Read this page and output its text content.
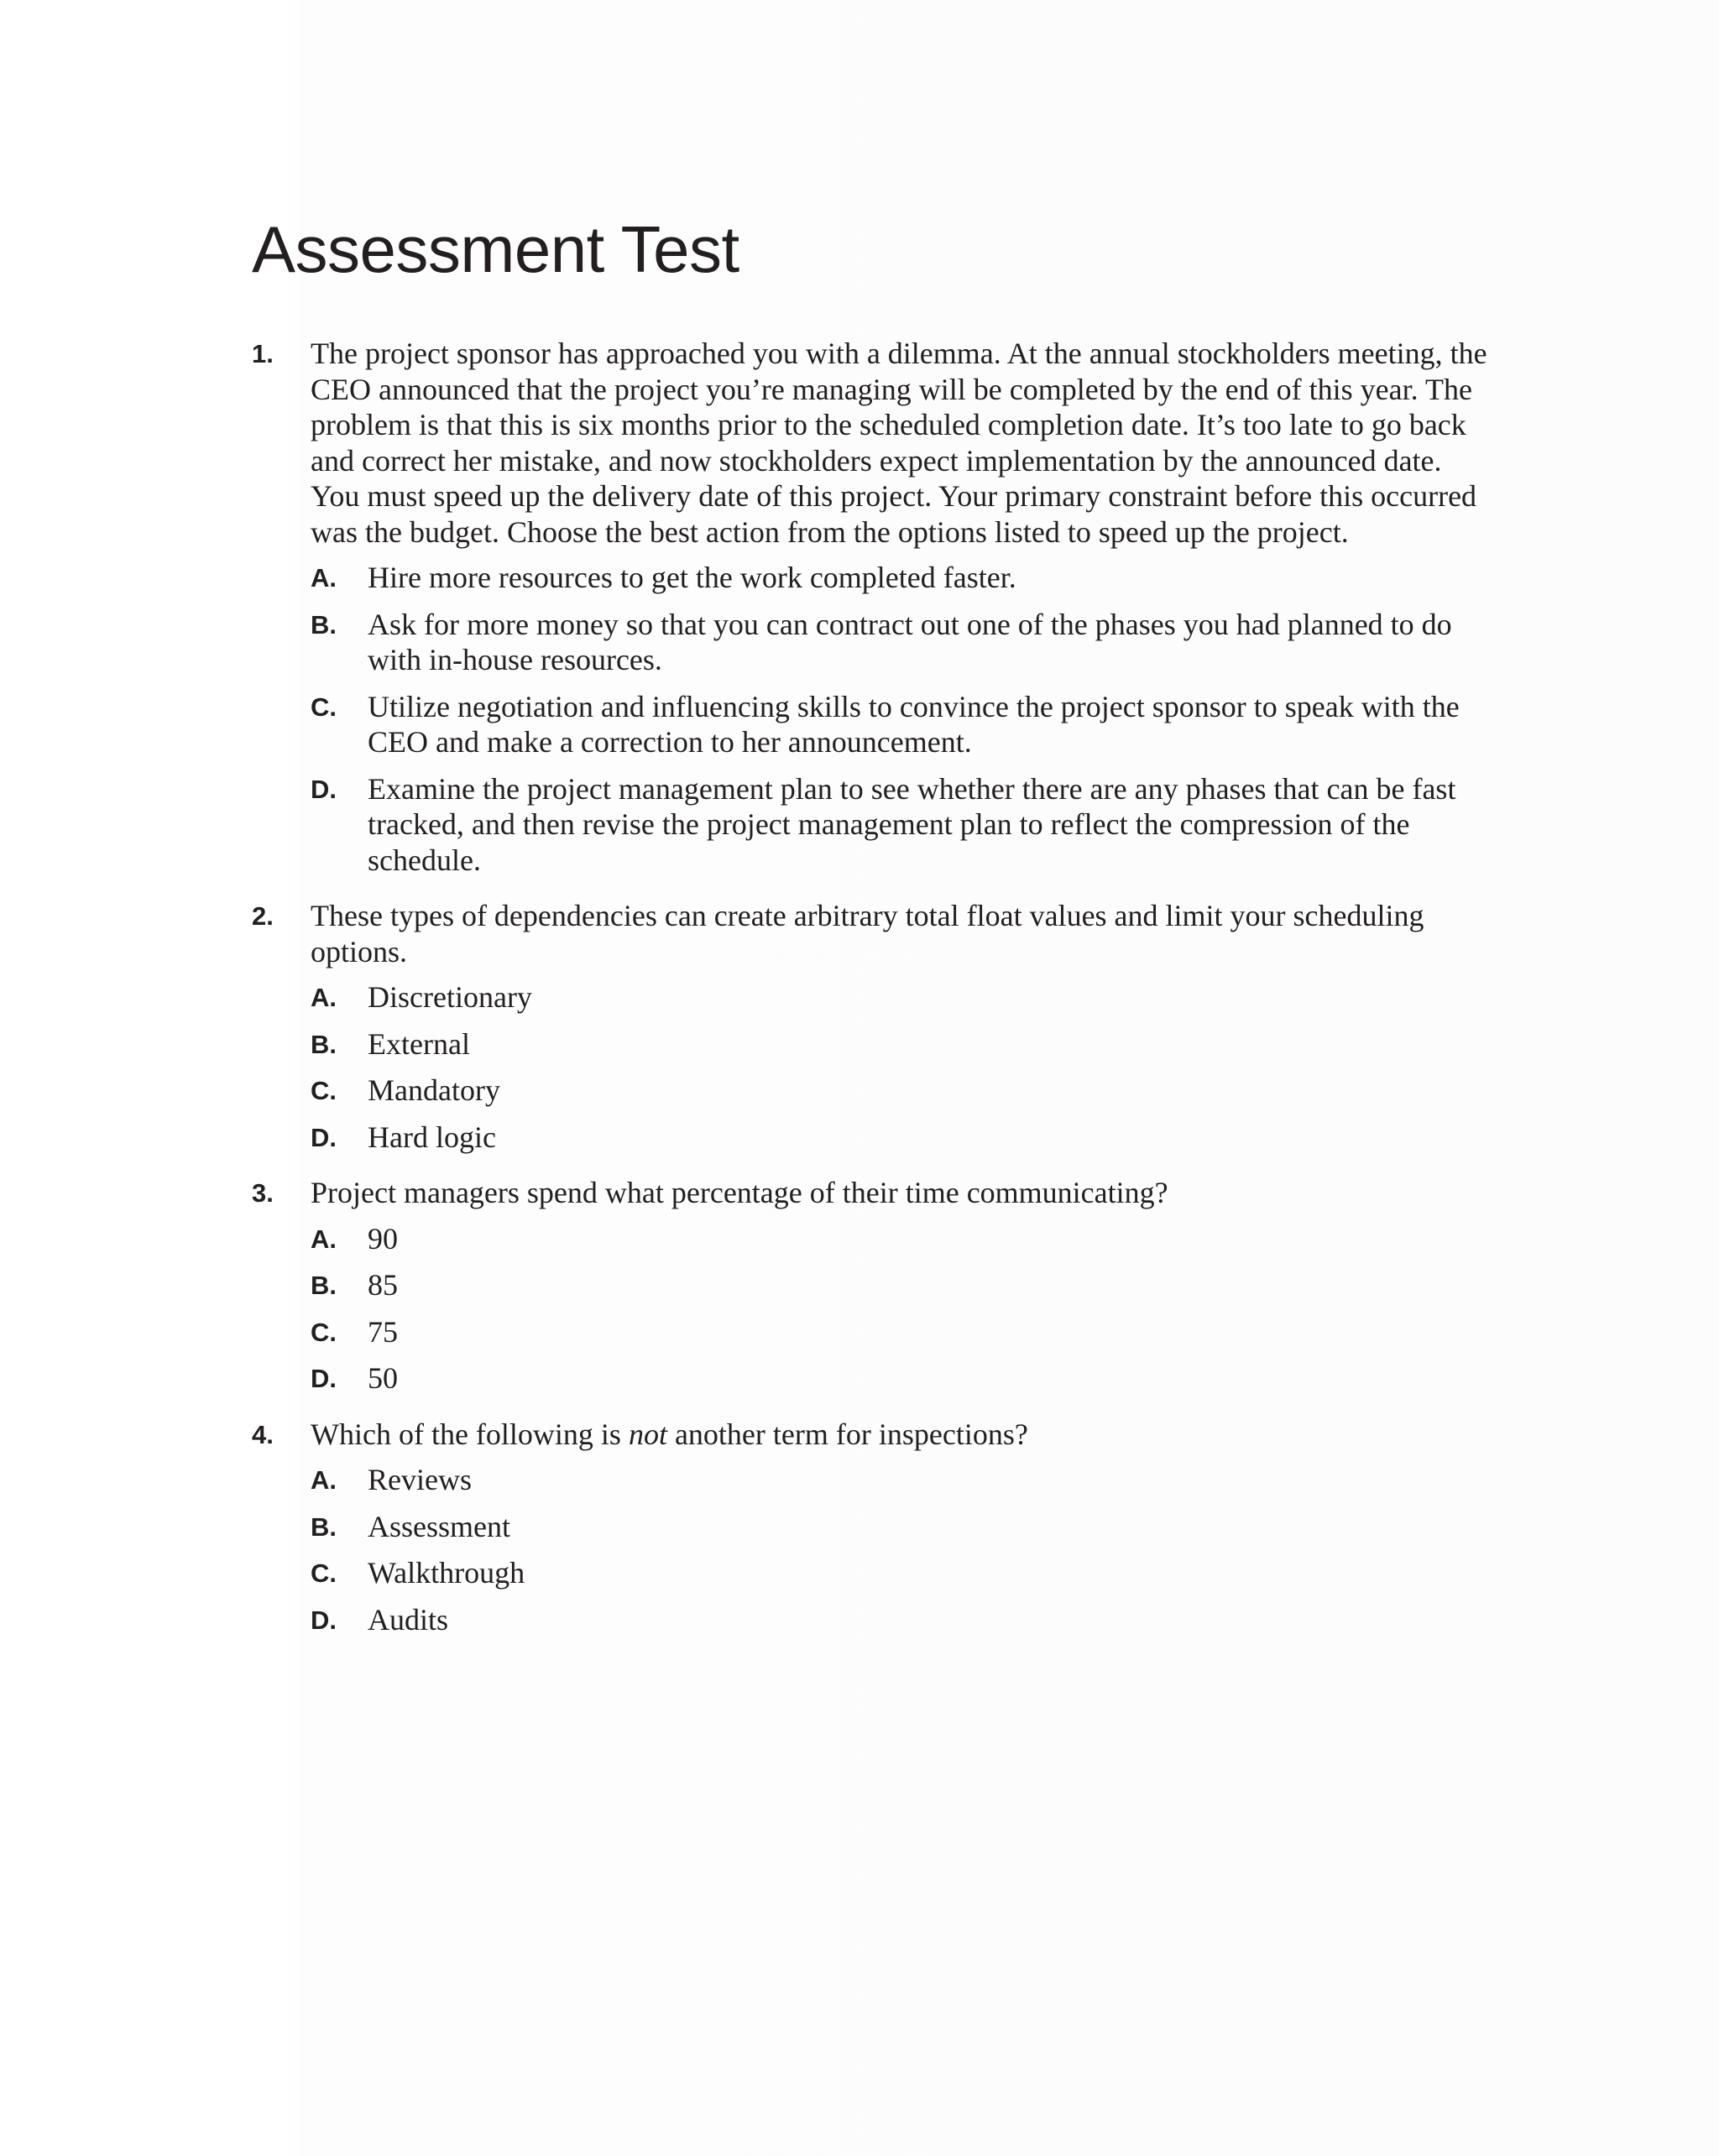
Assessment Test
1. The project sponsor has approached you with a dilemma. At the annual stockholders meeting, the CEO announced that the project you’re managing will be completed by the end of this year. The problem is that this is six months prior to the scheduled completion date. It’s too late to go back and correct her mistake, and now stockholders expect implementation by the announced date. You must speed up the delivery date of this project. Your primary constraint before this occurred was the budget. Choose the best action from the options listed to speed up the project.

A. Hire more resources to get the work completed faster.

B. Ask for more money so that you can contract out one of the phases you had planned to do with in-house resources.

C. Utilize negotiation and influencing skills to convince the project sponsor to speak with the CEO and make a correction to her announcement.

D. Examine the project management plan to see whether there are any phases that can be fast tracked, and then revise the project management plan to reflect the compression of the schedule.

2. These types of dependencies can create arbitrary total float values and limit your scheduling options.

A. Discretionary

B. External

C. Mandatory

D. Hard logic

3. Project managers spend what percentage of their time communicating?

A. 90

B. 85

C. 75

D. 50

4. Which of the following is not another term for inspections?

A. Reviews

B. Assessment

C. Walkthrough

D. Audits
